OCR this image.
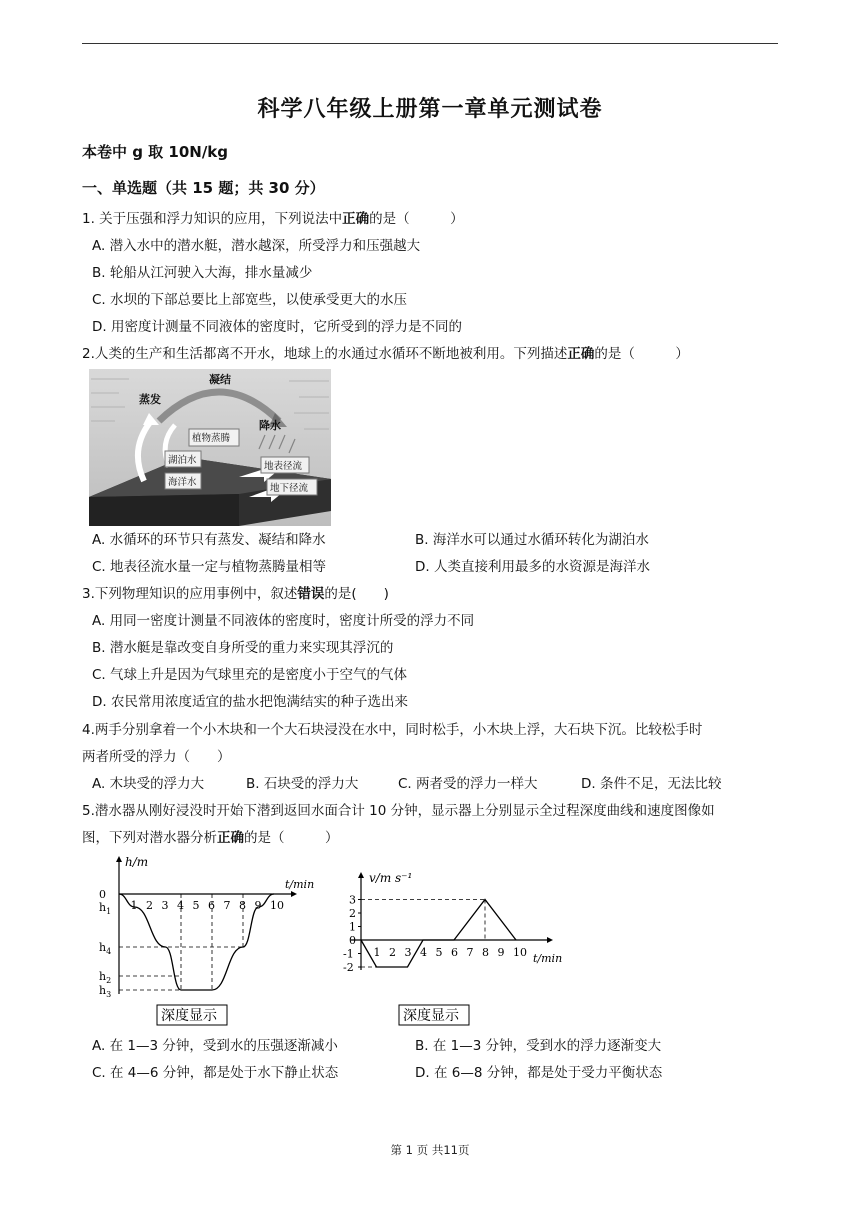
科学八年级上册第一章单元测试卷
本卷中 g 取 10N/kg
一、单选题（共 15 题；共 30 分）
1. 关于压强和浮力知识的应用，下列说法中正确的是（　　　）
A. 潜入水中的潜水艇，潜水越深，所受浮力和压强越大
B. 轮船从江河驶入大海，排水量减少
C. 水坝的下部总要比上部宽些，以使承受更大的水压
D. 用密度计测量不同液体的密度时，它所受到的浮力是不同的
2.人类的生产和生活都离不开水，地球上的水通过水循环不断地被利用。下列描述正确的是（　　　）
凝结
蒸发
降水
植物蒸腾
湖泊水
海洋水
地表径流
地下径流
A. 水循环的环节只有蒸发、凝结和降水	B. 海洋水可以通过水循环转化为湖泊水
C. 地表径流水量一定与植物蒸腾量相等	D. 人类直接利用最多的水资源是海洋水
3.下列物理知识的应用事例中，叙述错误的是(　　)
A. 用同一密度计测量不同液体的密度时，密度计所受的浮力不同
B. 潜水艇是靠改变自身所受的重力来实现其浮沉的
C. 气球上升是因为气球里充的是密度小于空气的气体
D. 农民常用浓度适宜的盐水把饱满结实的种子选出来
4.两手分别拿着一个小木块和一个大石块浸没在水中，同时松手，小木块上浮，大石块下沉。比较松手时
两者所受的浮力（　　）
A. 木块受的浮力大	B. 石块受的浮力大	C. 两者受的浮力一样大	D. 条件不足，无法比较
5.潜水器从刚好浸没时开始下潜到返回水面合计 10 分钟，显示器上分别显示全过程深度曲线和速度图像如
图，下列对潜水器分析正确的是（　　　）
h/m
t/min
1 2 3 4 5 6 7 8 9 10
0
$h_1$
$h_4$
$h_2$
$h_3$
深度显示
v/m s⁻¹
t/min
3
2
1
0
-1
-2
1 2 3 4 5 6 7 8 9 10
深度显示
A. 在 1—3 分钟，受到水的压强逐渐减小	B. 在 1—3 分钟，受到水的浮力逐渐变大
C. 在 4—6 分钟，都是处于水下静止状态	D. 在 6—8 分钟，都是处于受力平衡状态
第 1 页 共11页
